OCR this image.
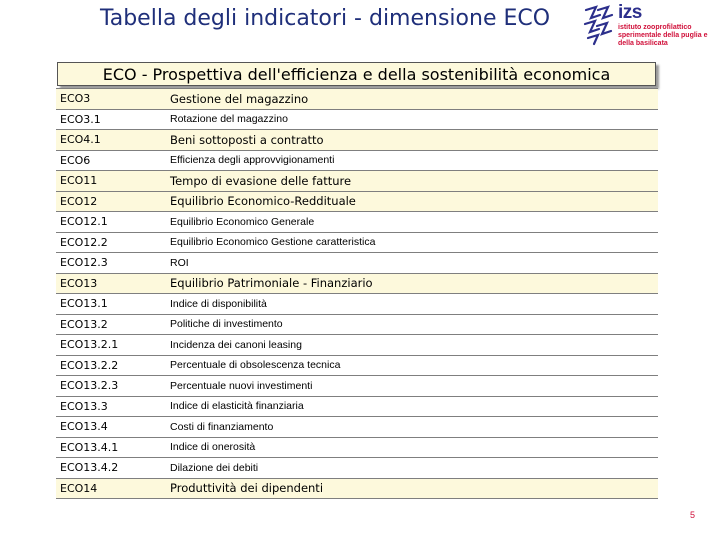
Tabella degli indicatori - dimensione ECO	izs
istituto zooprofilattico sperimentale della puglia e della basilicata
ECO - Prospettiva dell'efficienza e della sostenibilità economica
ECO3	Gestione del magazzino
ECO3.1	Rotazione del magazzino
ECO4.1	Beni sottoposti a contratto
ECO6	Efficienza degli approvvigionamenti
ECO11	Tempo di evasione delle fatture
ECO12	Equilibrio Economico-Reddituale
ECO12.1	Equilibrio Economico Generale
ECO12.2	Equilibrio Economico Gestione caratteristica
ECO12.3	ROI
ECO13	Equilibrio Patrimoniale - Finanziario
ECO13.1	Indice di disponibilità
ECO13.2	Politiche di investimento
ECO13.2.1	Incidenza dei canoni leasing
ECO13.2.2	Percentuale di obsolescenza tecnica
ECO13.2.3	Percentuale nuovi investimenti
ECO13.3	Indice di elasticità finanziaria
ECO13.4	Costi di finanziamento
ECO13.4.1	Indice di onerosità
ECO13.4.2	Dilazione dei debiti
ECO14	Produttività dei dipendenti
5
